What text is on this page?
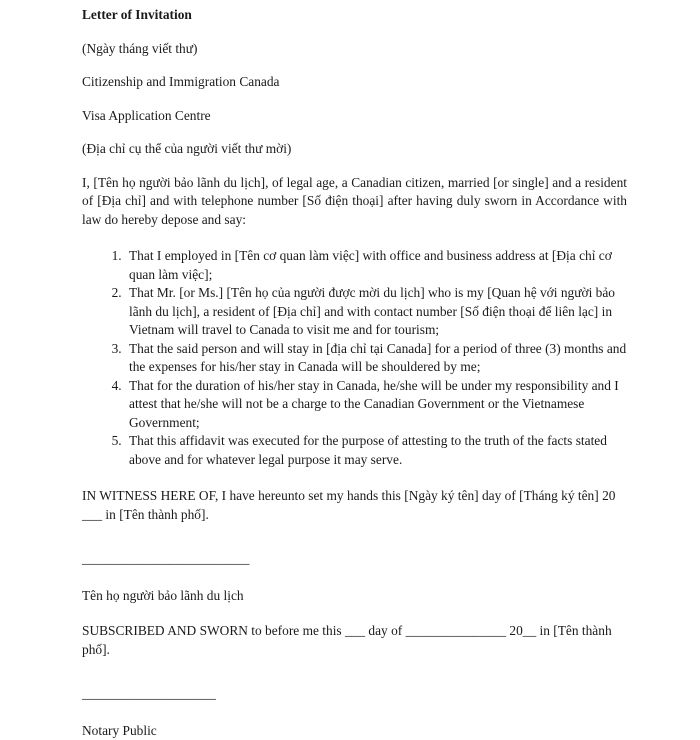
Letter of Invitation
(Ngày tháng viết thư)
Citizenship and Immigration Canada
Visa Application Centre
(Địa chỉ cụ thể của người viết thư mời)
I, [Tên họ người bảo lãnh du lịch], of legal age, a Canadian citizen, married [or single] and a resident of [Địa chỉ] and with telephone number [Số điện thoại] after having duly sworn in Accordance with law do hereby depose and say:
1. That I employed in [Tên cơ quan làm việc] with office and business address at [Địa chỉ cơ quan làm việc];
2. That Mr. [or Ms.] [Tên họ của người được mời du lịch] who is my [Quan hệ với người bảo lãnh du lịch], a resident of [Địa chỉ] and with contact number [Số điện thoại để liên lạc] in Vietnam will travel to Canada to visit me and for tourism;
3. That the said person and will stay in [địa chỉ tại Canada] for a period of three (3) months and the expenses for his/her stay in Canada will be shouldered by me;
4. That for the duration of his/her stay in Canada, he/she will be under my responsibility and I attest that he/she will not be a charge to the Canadian Government or the Vietnamese Government;
5. That this affidavit was executed for the purpose of attesting to the truth of the facts stated above and for whatever legal purpose it may serve.
IN WITNESS HERE OF, I have hereunto set my hands this [Ngày ký tên] day of [Tháng ký tên] 20 ___ in [Tên thành phố].
_________________________
Tên họ người bảo lãnh du lịch
SUBSCRIBED AND SWORN to before me this ___ day of _______________ 20__ in [Tên thành phố].
____________________
Notary Public
